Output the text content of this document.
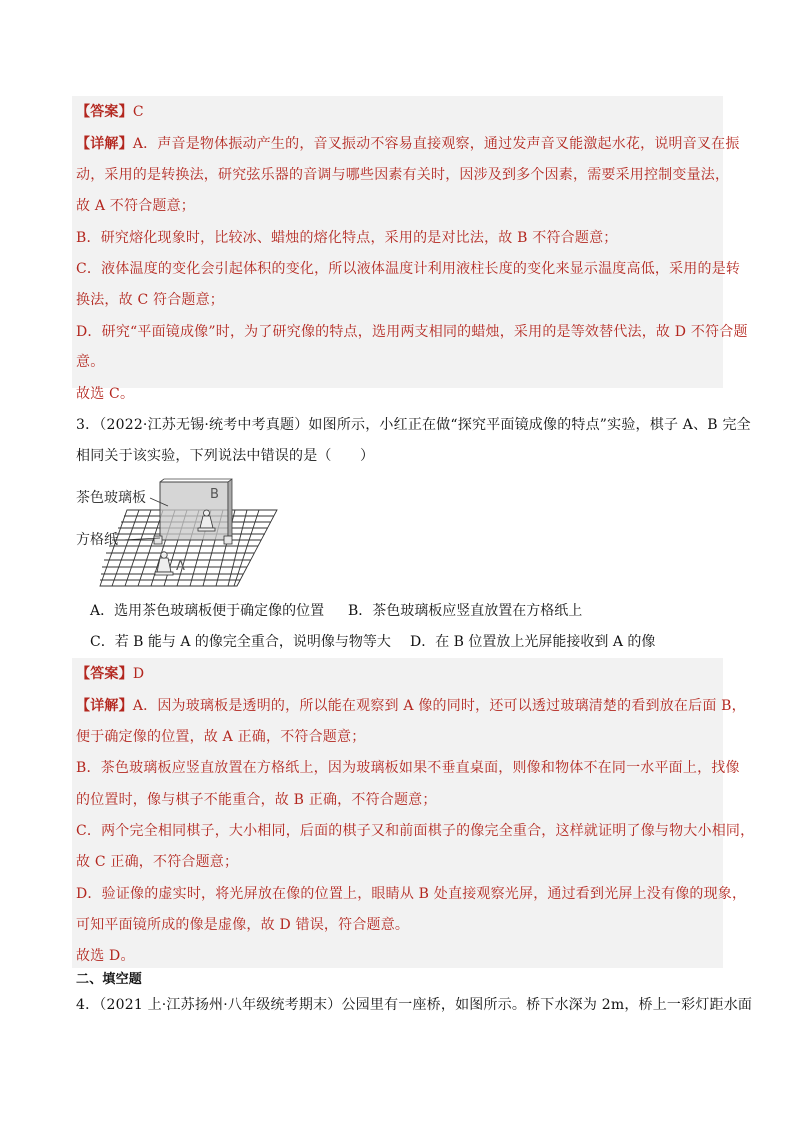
【答案】C
【详解】A．声音是物体振动产生的，音叉振动不容易直接观察，通过发声音叉能激起水花，说明音叉在振
动，采用的是转换法，研究弦乐器的音调与哪些因素有关时，因涉及到多个因素，需要采用控制变量法，
故 A 不符合题意；
B．研究熔化现象时，比较冰、蜡烛的熔化特点，采用的是对比法，故 B 不符合题意；
C．液体温度的变化会引起体积的变化，所以液体温度计利用液柱长度的变化来显示温度高低，采用的是转
换法，故 C 符合题意；
D．研究“平面镜成像”时，为了研究像的特点，选用两支相同的蜡烛，采用的是等效替代法，故 D 不符合题
意。
故选 C。
3．（2022·江苏无锡·统考中考真题）如图所示，小红正在做“探究平面镜成像的特点”实验，棋子 A、B 完全
相同关于该实验，下列说法中错误的是（　　）
茶色玻璃板
方格纸
B
A
A．选用茶色玻璃板便于确定像的位置 B．茶色玻璃板应竖直放置在方格纸上
C．若 B 能与 A 的像完全重合，说明像与物等大 D．在 B 位置放上光屏能接收到 A 的像
【答案】D
【详解】A．因为玻璃板是透明的，所以能在观察到 A 像的同时，还可以透过玻璃清楚的看到放在后面 B，
便于确定像的位置，故 A 正确，不符合题意；
B．茶色玻璃板应竖直放置在方格纸上，因为玻璃板如果不垂直桌面，则像和物体不在同一水平面上，找像
的位置时，像与棋子不能重合，故 B 正确，不符合题意；
C．两个完全相同棋子，大小相同，后面的棋子又和前面棋子的像完全重合，这样就证明了像与物大小相同，
故 C 正确，不符合题意；
D．验证像的虚实时，将光屏放在像的位置上，眼睛从 B 处直接观察光屏，通过看到光屏上没有像的现象，
可知平面镜所成的像是虚像，故 D 错误，符合题意。
故选 D。
二、填空题
4．（2021 上·江苏扬州·八年级统考期末）公园里有一座桥，如图所示。桥下水深为 2m，桥上一彩灯距水面
